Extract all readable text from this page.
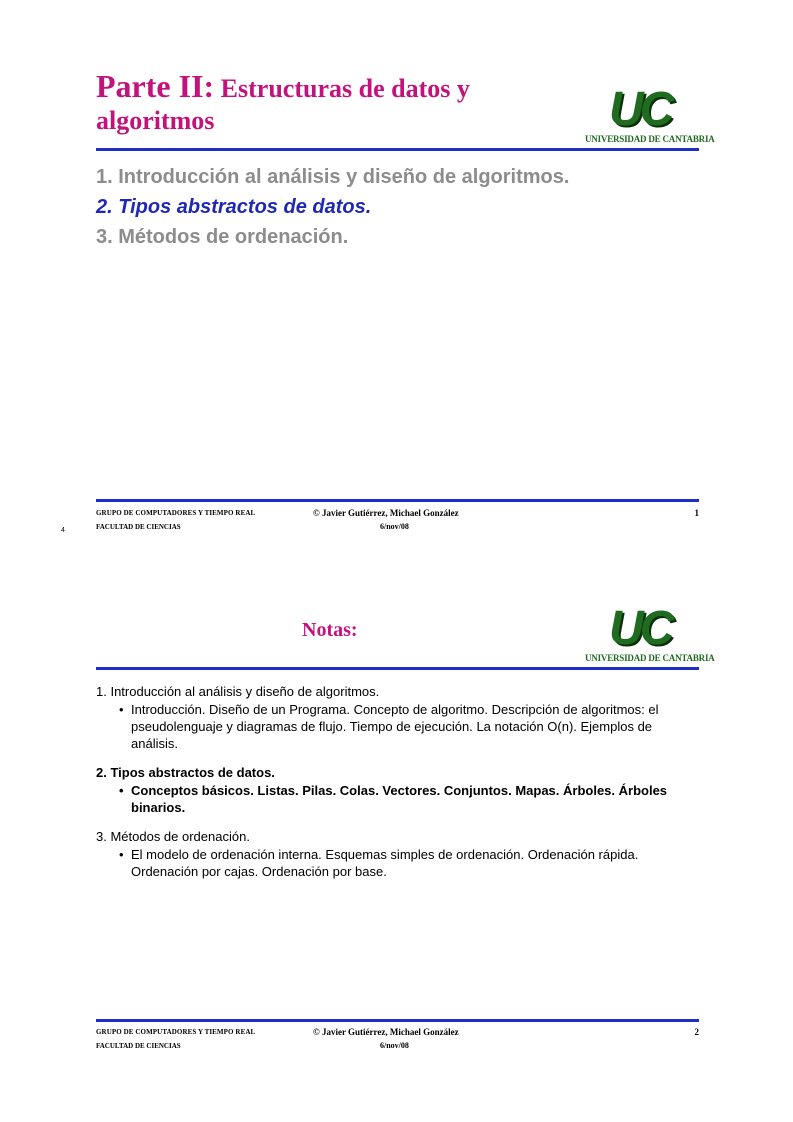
Parte II: Estructuras de datos y algoritmos	UC
UNIVERSIDAD DE CANTABRIA
1. Introducción al análisis y diseño de algoritmos.
2. Tipos abstractos de datos.
3. Métodos de ordenación.
GRUPO DE COMPUTADORES Y TIEMPO REAL
FACULTAD DE CIENCIAS
© Javier Gutiérrez, Michael González
6/nov/08
1
4
Notas:	UC
UNIVERSIDAD DE CANTABRIA

1. Introducción al análisis y diseño de algoritmos.

• Introducción. Diseño de un Programa. Concepto de algoritmo. Descripción de algoritmos: el pseudolenguaje y diagramas de flujo. Tiempo de ejecución. La notación O(n). Ejemplos de análisis.

2. Tipos abstractos de datos.

• Conceptos básicos. Listas. Pilas. Colas. Vectores. Conjuntos. Mapas. Árboles. Árboles binarios.

3. Métodos de ordenación.

• El modelo de ordenación interna. Esquemas simples de ordenación. Ordenación rápida. Ordenación por cajas. Ordenación por base.
GRUPO DE COMPUTADORES Y TIEMPO REAL
FACULTAD DE CIENCIAS
© Javier Gutiérrez, Michael González
6/nov/08
2
